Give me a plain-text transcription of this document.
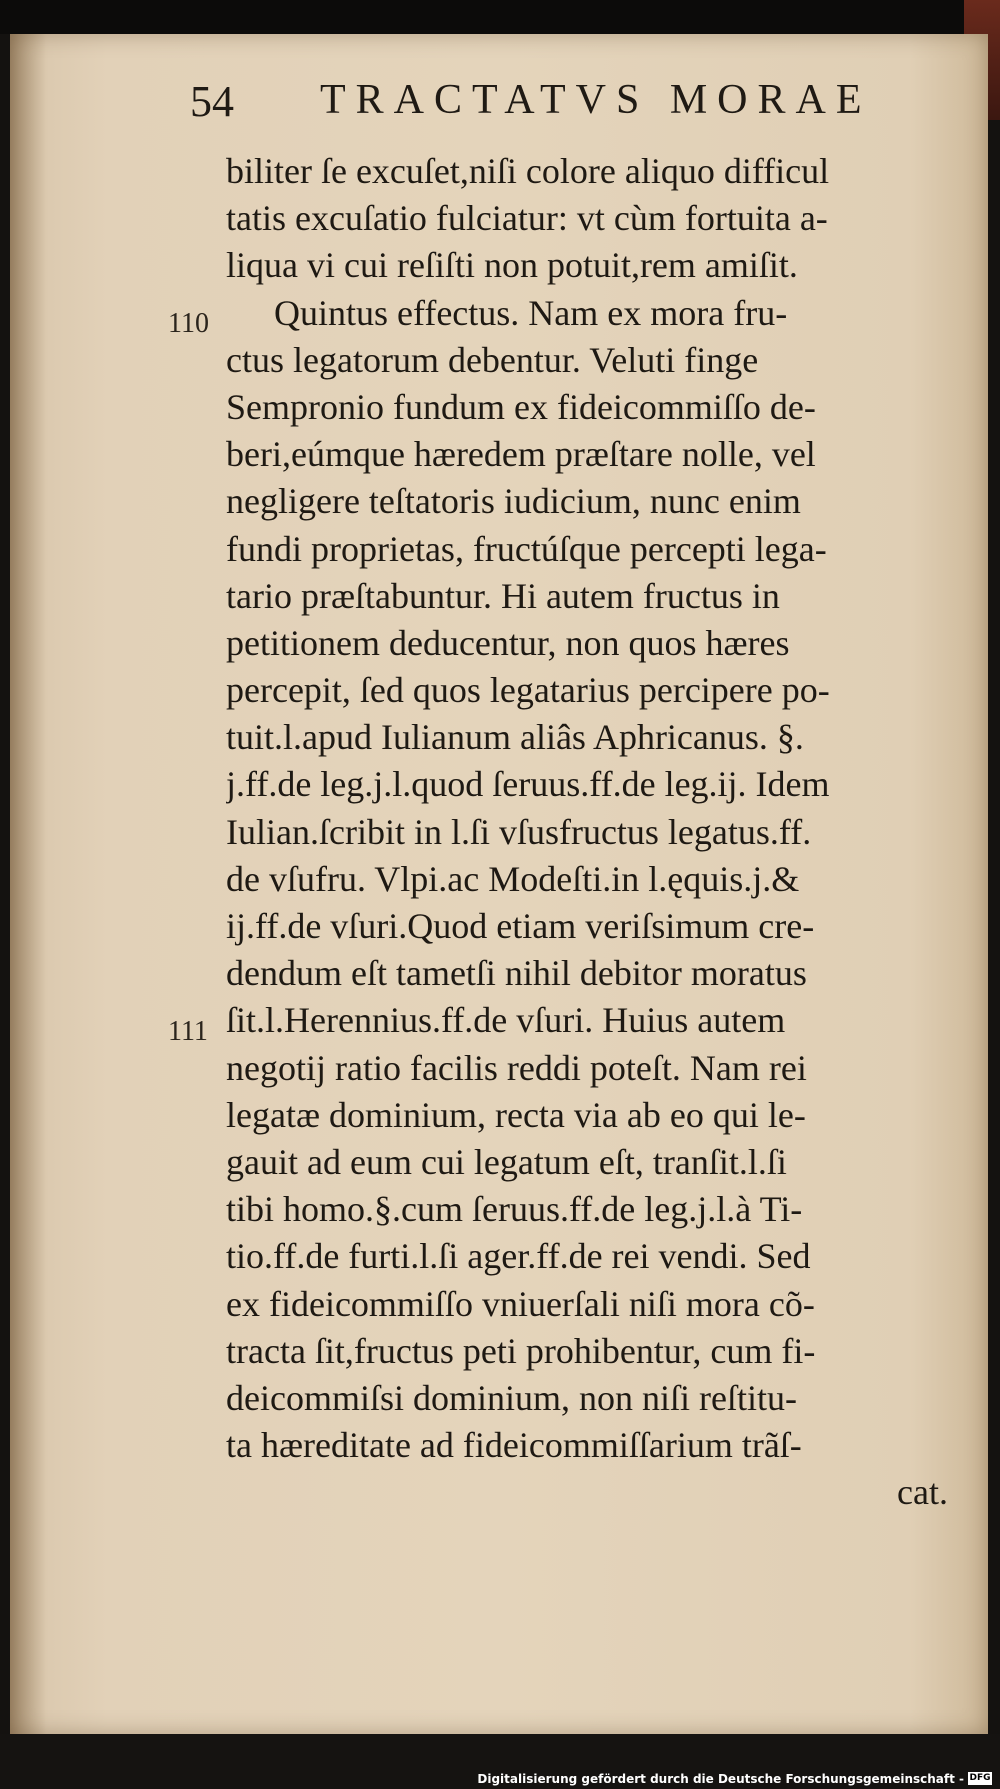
54 TRACTATVS MORAE
110
111
biliter ſe excuſet,niſi colore aliquo difficul
tatis excuſatio fulciatur: vt cùm fortuita a-
liqua vi cui reſiſti non potuit,rem amiſit.
Quintus effectus. Nam ex mora fru-
ctus legatorum debentur. Veluti finge
Sempronio fundum ex fideicommiſſo de-
beri,eúmque hæredem præſtare nolle, vel
negligere teſtatoris iudicium, nunc enim
fundi proprietas, fructúſque percepti lega-
tario præſtabuntur. Hi autem fructus in
petitionem deducentur, non quos hæres
percepit, ſed quos legatarius percipere po-
tuit.l.apud Iulianum aliâs Aphricanus. §.
j.ff.de leg.j.l.quod ſeruus.ff.de leg.ij. Idem
Iulian.ſcribit in l.ſi vſusfructus legatus.ff.
de vſufru. Vlpi.ac Modeſti.in l.ęquis.j.&
ij.ff.de vſuri.Quod etiam veriſsimum cre-
dendum eſt tametſi nihil debitor moratus
ſit.l.Herennius.ff.de vſuri. Huius autem
negotij ratio facilis reddi poteſt. Nam rei
legatæ dominium, recta via ab eo qui le-
gauit ad eum cui legatum eſt, tranſit.l.ſi
tibi homo.§.cum ſeruus.ff.de leg.j.l.à Ti-
tio.ff.de furti.l.ſi ager.ff.de rei vendi. Sed
ex fideicommiſſo vniuerſali niſi mora cõ-
tracta ſit,fructus peti prohibentur, cum fi-
deicommiſsi dominium, non niſi reſtitu-
ta hæreditate ad fideicommiſſarium trãſ-
cat.
Digitalisierung gefördert durch die Deutsche Forschungsgemeinschaft - DFG
